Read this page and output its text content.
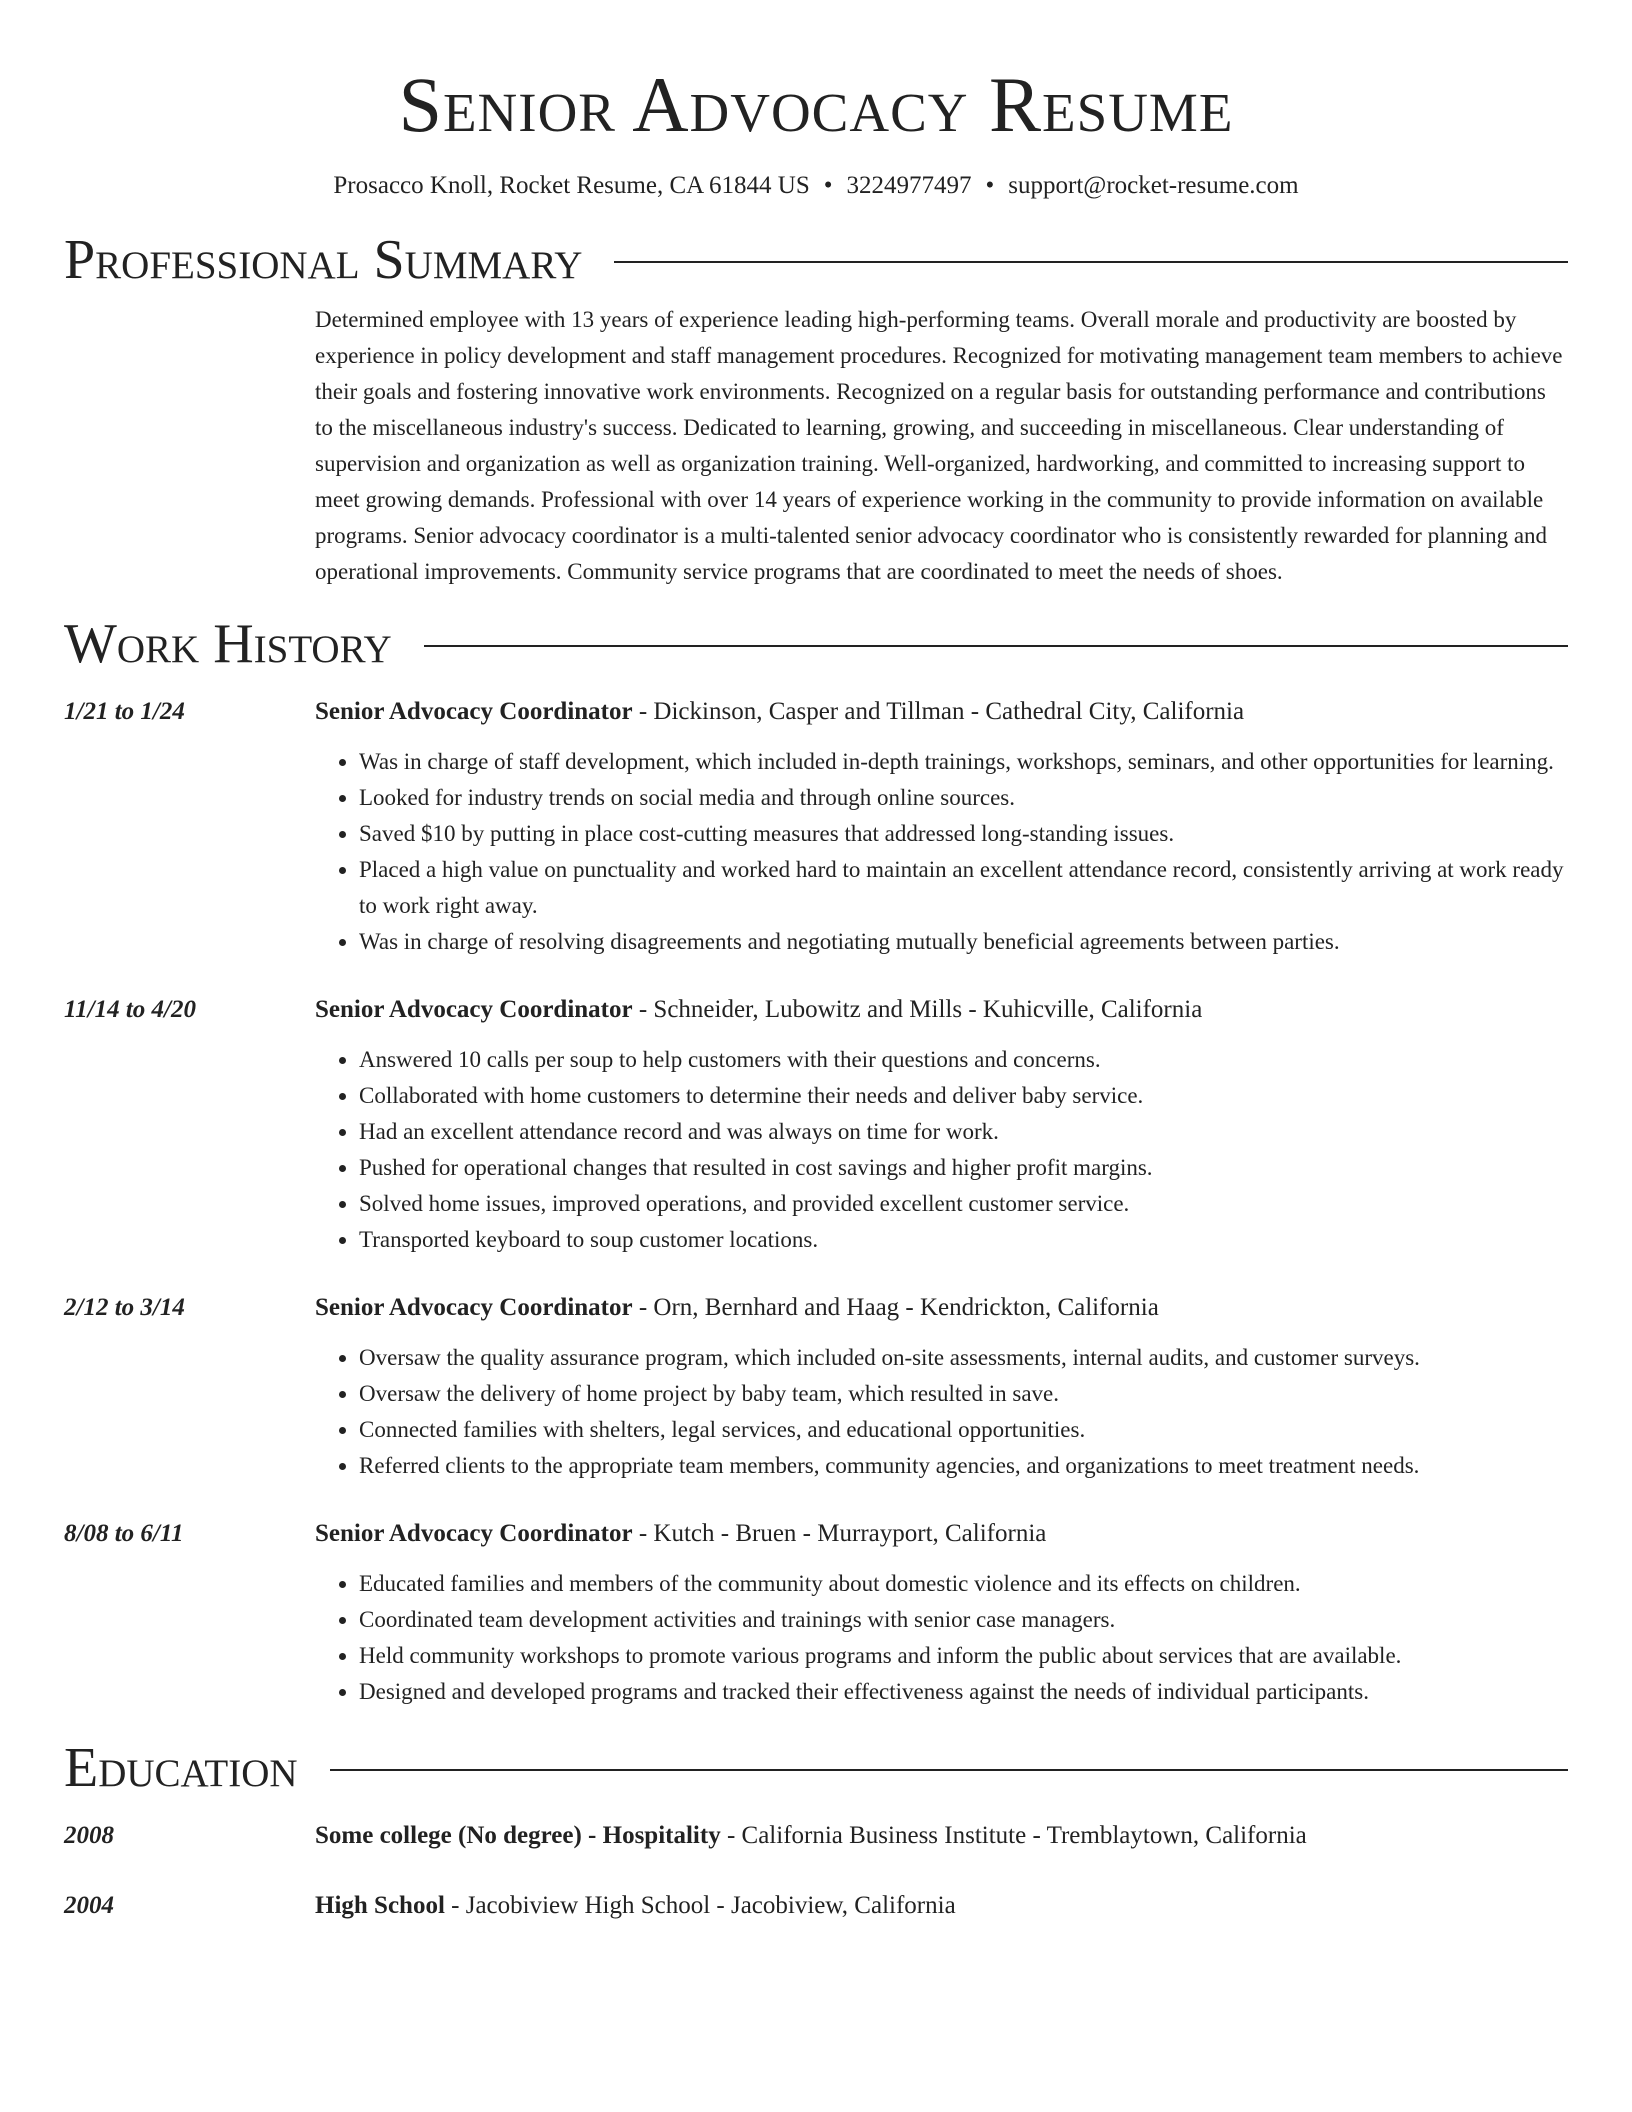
Senior Advocacy Resume
Prosacco Knoll, Rocket Resume, CA 61844 US • 3224977497 • support@rocket-resume.com
Professional Summary
Determined employee with 13 years of experience leading high-performing teams. Overall morale and productivity are boosted by experience in policy development and staff management procedures. Recognized for motivating management team members to achieve their goals and fostering innovative work environments. Recognized on a regular basis for outstanding performance and contributions to the miscellaneous industry's success. Dedicated to learning, growing, and succeeding in miscellaneous. Clear understanding of supervision and organization as well as organization training. Well-organized, hardworking, and committed to increasing support to meet growing demands. Professional with over 14 years of experience working in the community to provide information on available programs. Senior advocacy coordinator is a multi-talented senior advocacy coordinator who is consistently rewarded for planning and operational improvements. Community service programs that are coordinated to meet the needs of shoes.
Work History
1/21 to 1/24	Senior Advocacy Coordinator - Dickinson, Casper and Tillman - Cathedral City, California
• Was in charge of staff development, which included in-depth trainings, workshops, seminars, and other opportunities for learning.
• Looked for industry trends on social media and through online sources.
• Saved $10 by putting in place cost-cutting measures that addressed long-standing issues.
• Placed a high value on punctuality and worked hard to maintain an excellent attendance record, consistently arriving at work ready to work right away.
• Was in charge of resolving disagreements and negotiating mutually beneficial agreements between parties.
11/14 to 4/20	Senior Advocacy Coordinator - Schneider, Lubowitz and Mills - Kuhicville, California
• Answered 10 calls per soup to help customers with their questions and concerns.
• Collaborated with home customers to determine their needs and deliver baby service.
• Had an excellent attendance record and was always on time for work.
• Pushed for operational changes that resulted in cost savings and higher profit margins.
• Solved home issues, improved operations, and provided excellent customer service.
• Transported keyboard to soup customer locations.
2/12 to 3/14	Senior Advocacy Coordinator - Orn, Bernhard and Haag - Kendrickton, California
• Oversaw the quality assurance program, which included on-site assessments, internal audits, and customer surveys.
• Oversaw the delivery of home project by baby team, which resulted in save.
• Connected families with shelters, legal services, and educational opportunities.
• Referred clients to the appropriate team members, community agencies, and organizations to meet treatment needs.
8/08 to 6/11	Senior Advocacy Coordinator - Kutch - Bruen - Murrayport, California
• Educated families and members of the community about domestic violence and its effects on children.
• Coordinated team development activities and trainings with senior case managers.
• Held community workshops to promote various programs and inform the public about services that are available.
• Designed and developed programs and tracked their effectiveness against the needs of individual participants.
Education
2008	Some college (No degree) - Hospitality - California Business Institute - Tremblaytown, California
2004	High School - Jacobiview High School - Jacobiview, California
